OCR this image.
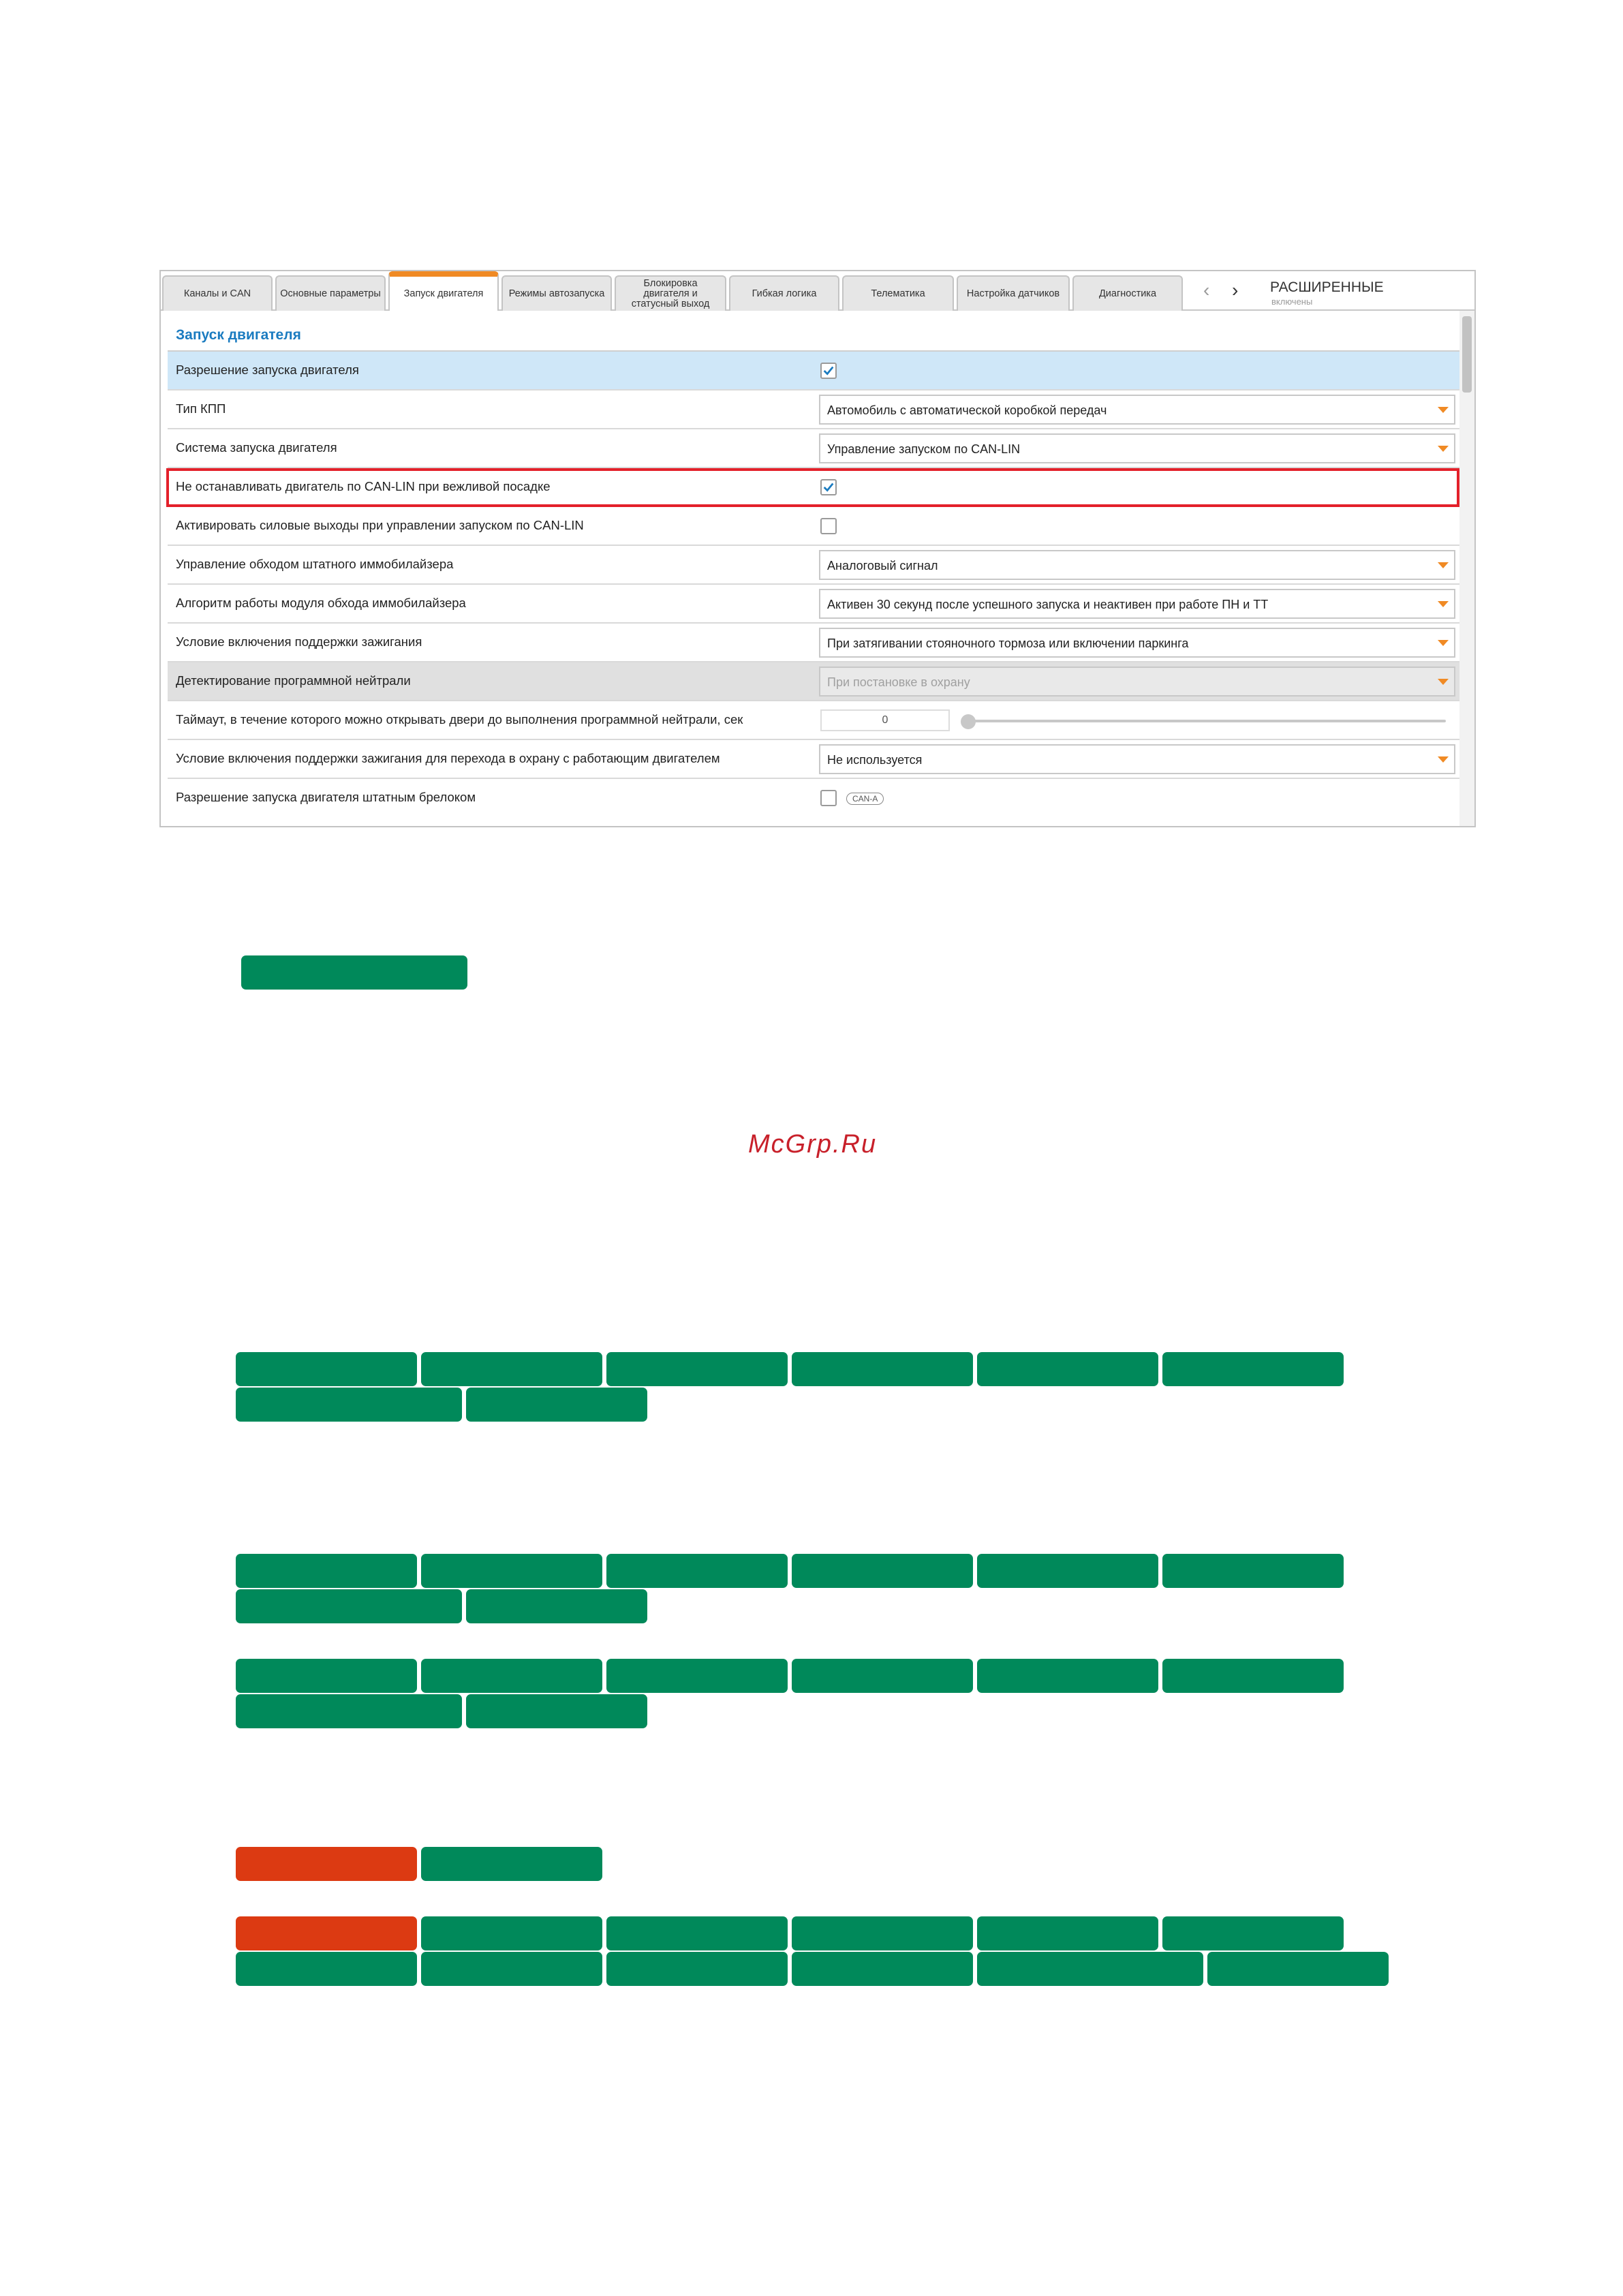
Каналы и CAN	Основные параметры	Запуск двигателя	Режимы автозапуска
Блокировка
двигателя и
статусный выход
Гибкая логика	Телематика	Настройка датчиков	Диагностика	‹ › РАСШИРЕННЫЕ
включены
Запуск двигателя
Разрешение запуска двигателя
Тип КПП	Автомобиль с автоматической коробкой передач
Система запуска двигателя	Управление запуском по CAN-LIN
Не останавливать двигатель по CAN-LIN при вежливой посадке
Активировать силовые выходы при управлении запуском по CAN-LIN
Управление обходом штатного иммобилайзера	Аналоговый сигнал
Алгоритм работы модуля обхода иммобилайзера	Активен 30 секунд после успешного запуска и неактивен при работе ПН и ТТ
Условие включения поддержки зажигания	При затягивании стояночного тормоза или включении паркинга
Детектирование программной нейтрали	При постановке в охрану
Таймаут, в течение которого можно открывать двери до выполнения программной нейтрали, сек	0
Условие включения поддержки зажигания для перехода в охрану с работающим двигателем	Не используется
Разрешение запуска двигателя штатным брелоком	CAN-A
McGrp.Ru
